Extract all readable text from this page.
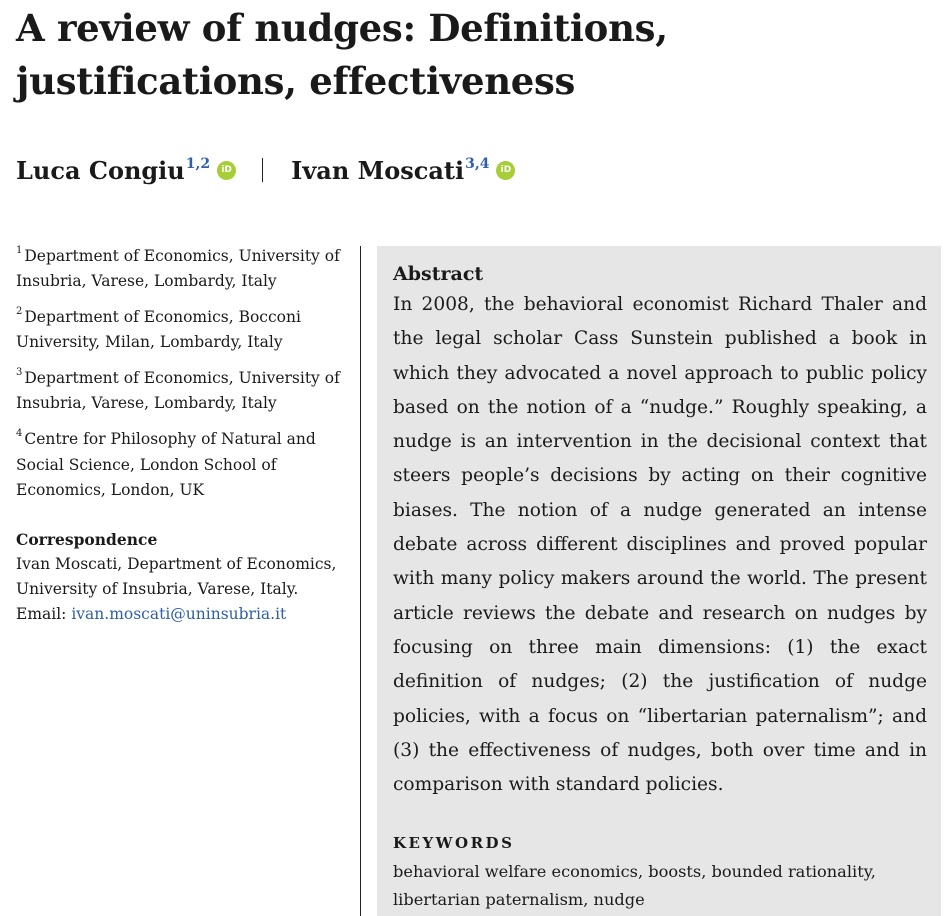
A review of nudges: Definitions, justifications, effectiveness
Luca Congiu$^{1,2}$	iD Ivan Moscati$^{3,4}$	iD

$^1$ Department of Economics, University of Insubria, Varese, Lombardy, Italy

$^2$ Department of Economics, Bocconi University, Milan, Lombardy, Italy

$^3$ Department of Economics, University of Insubria, Varese, Lombardy, Italy

$^4$ Centre for Philosophy of Natural and Social Science, London School of Economics, London, UK

Correspondence
Ivan Moscati, Department of Economics, University of Insubria, Varese, Italy.
Email: ivan.moscati@uninsubria.it
Abstract

In 2008, the behavioral economist Richard Thaler and the legal scholar Cass Sunstein published a book in which they advocated a novel approach to public policy based on the notion of a “nudge.” Roughly speaking, a nudge is an intervention in the decisional context that steers people’s decisions by acting on their cognitive biases. The notion of a nudge generated an intense debate across different disciplines and proved popular with many policy makers around the world. The present article reviews the debate and research on nudges by focusing on three main dimensions: (1) the exact definition of nudges; (2) the justification of nudge policies, with a focus on “libertarian paternalism”; and (3) the effectiveness of nudges, both over time and in comparison with standard policies.

KEYWORDS

behavioral welfare economics, boosts, bounded rationality, libertarian paternalism, nudge
